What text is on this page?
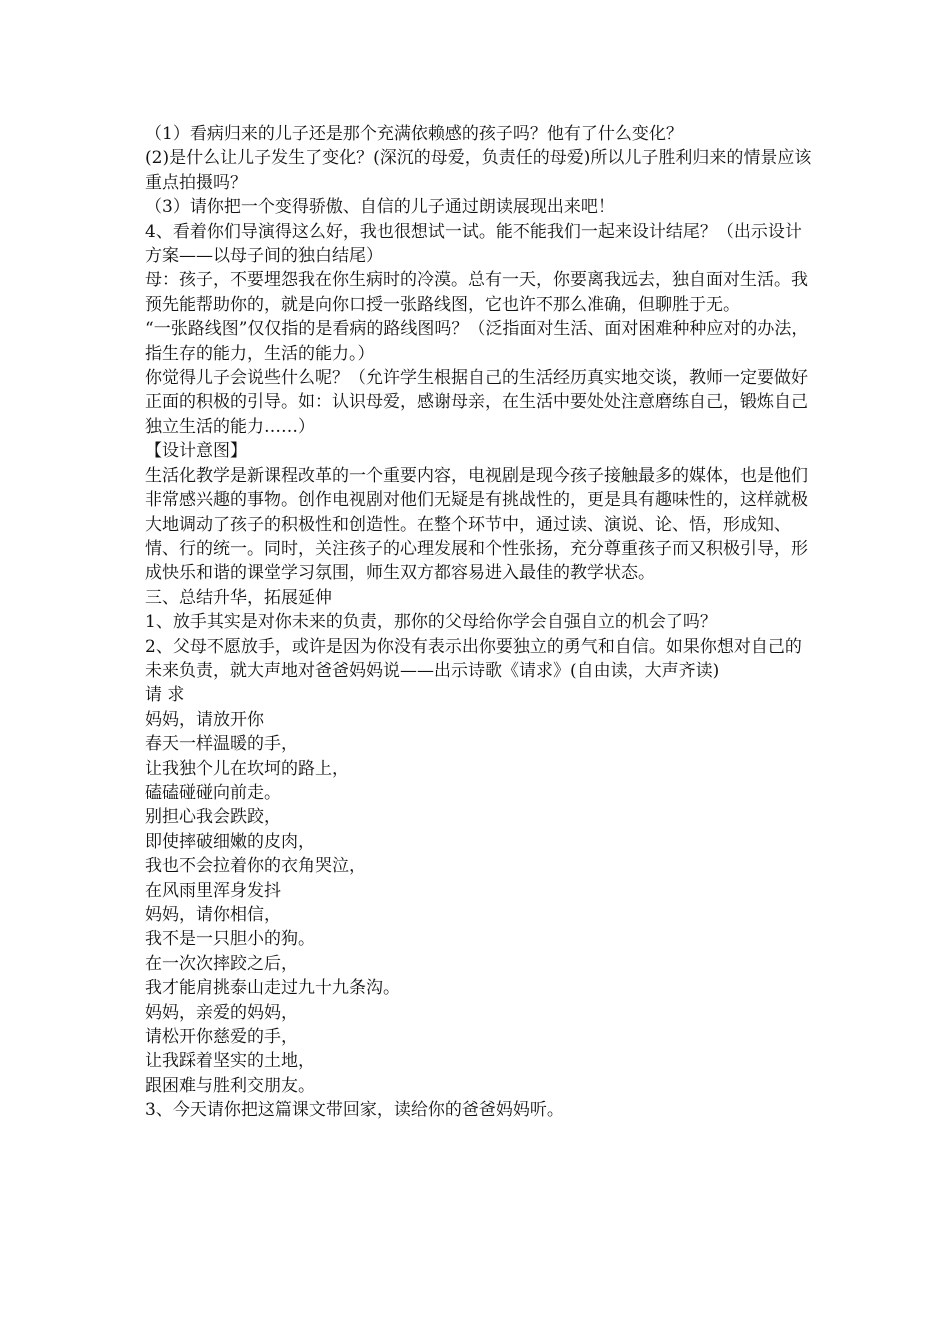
（1）看病归来的儿子还是那个充满依赖感的孩子吗？他有了什么变化？

(2)是什么让儿子发生了变化？(深沉的母爱，负责任的母爱)所以儿子胜利归来的情景应该重点拍摄吗？

（3）请你把一个变得骄傲、自信的儿子通过朗读展现出来吧！

4、看着你们导演得这么好，我也很想试一试。能不能我们一起来设计结尾？（出示设计方案——以母子间的独白结尾）

母：孩子，不要埋怨我在你生病时的冷漠。总有一天，你要离我远去，独自面对生活。我预先能帮助你的，就是向你口授一张路线图，它也许不那么准确，但聊胜于无。

“一张路线图”仅仅指的是看病的路线图吗？（泛指面对生活、面对困难种种应对的办法，指生存的能力，生活的能力。）

你觉得儿子会说些什么呢？（允许学生根据自己的生活经历真实地交谈，教师一定要做好正面的积极的引导。如：认识母爱，感谢母亲，在生活中要处处注意磨练自己，锻炼自己独立生活的能力……）

【设计意图】

生活化教学是新课程改革的一个重要内容，电视剧是现今孩子接触最多的媒体，也是他们非常感兴趣的事物。创作电视剧对他们无疑是有挑战性的，更是具有趣味性的，这样就极大地调动了孩子的积极性和创造性。在整个环节中，通过读、演说、论、悟，形成知、情、行的统一。同时，关注孩子的心理发展和个性张扬，充分尊重孩子而又积极引导，形成快乐和谐的课堂学习氛围，师生双方都容易进入最佳的教学状态。

三、总结升华，拓展延伸

1、放手其实是对你未来的负责，那你的父母给你学会自强自立的机会了吗？

2、父母不愿放手，或许是因为你没有表示出你要独立的勇气和自信。如果你想对自己的未来负责，就大声地对爸爸妈妈说——出示诗歌《请求》(自由读，大声齐读)

请 求

妈妈，请放开你

春天一样温暖的手，

让我独个儿在坎坷的路上，

磕磕碰碰向前走。

别担心我会跌跤，

即使摔破细嫩的皮肉，

我也不会拉着你的衣角哭泣，

在风雨里浑身发抖

妈妈，请你相信，

我不是一只胆小的狗。

在一次次摔跤之后，

我才能肩挑泰山走过九十九条沟。

妈妈，亲爱的妈妈，

请松开你慈爱的手，

让我踩着坚实的土地，

跟困难与胜利交朋友。

3、今天请你把这篇课文带回家，读给你的爸爸妈妈听。
